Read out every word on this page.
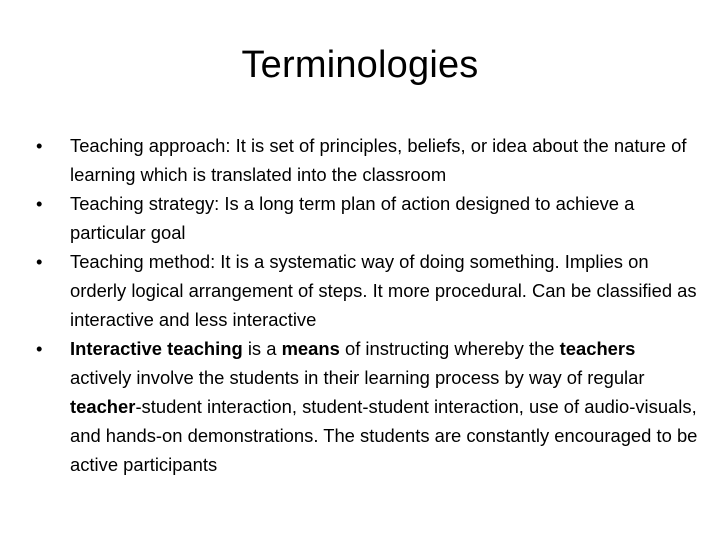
Terminologies
•	Teaching approach: It is set of principles, beliefs, or idea about the nature of learning which is translated into the classroom
•	Teaching strategy: Is a long term plan of action designed to achieve a particular goal
•	Teaching method: It is a systematic way of doing something. Implies on orderly logical arrangement of steps. It more procedural. Can be classified as interactive and less interactive
•	Interactive teaching is a means of instructing whereby the teachers actively involve the students in their learning process by way of regular teacher-student interaction, student-student interaction, use of audio-visuals, and hands-on demonstrations. The students are constantly encouraged to be active participants
